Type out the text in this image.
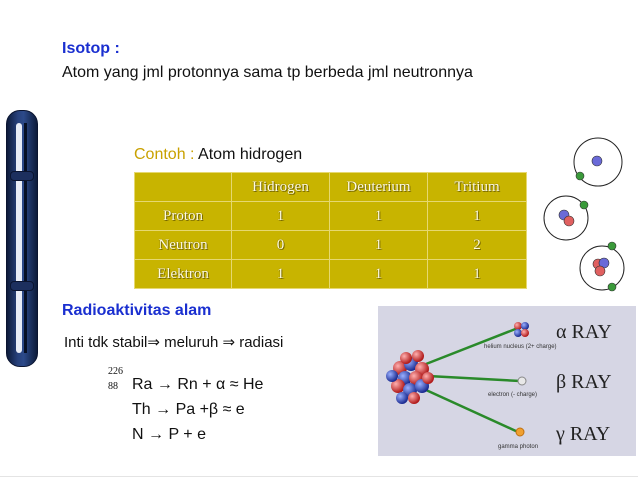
Isotop :
Atom yang jml protonnya sama tp berbeda jml neutronnya
Contoh : Atom hidrogen
	Hidrogen	Deuterium	Tritium
Proton	1	1	1
Neutron	0	1	2
Elektron	1	1	1
Radioaktivitas alam
Inti tdk stabil⇒ meluruh ⇒ radiasi
226
88 Ra → Rn + α ≈ He
Th → Pa +β ≈ e
N → P + e
helium nucleus (2+ charge)
electron (- charge)
gamma photon
α RAY
β RAY
γ RAY
